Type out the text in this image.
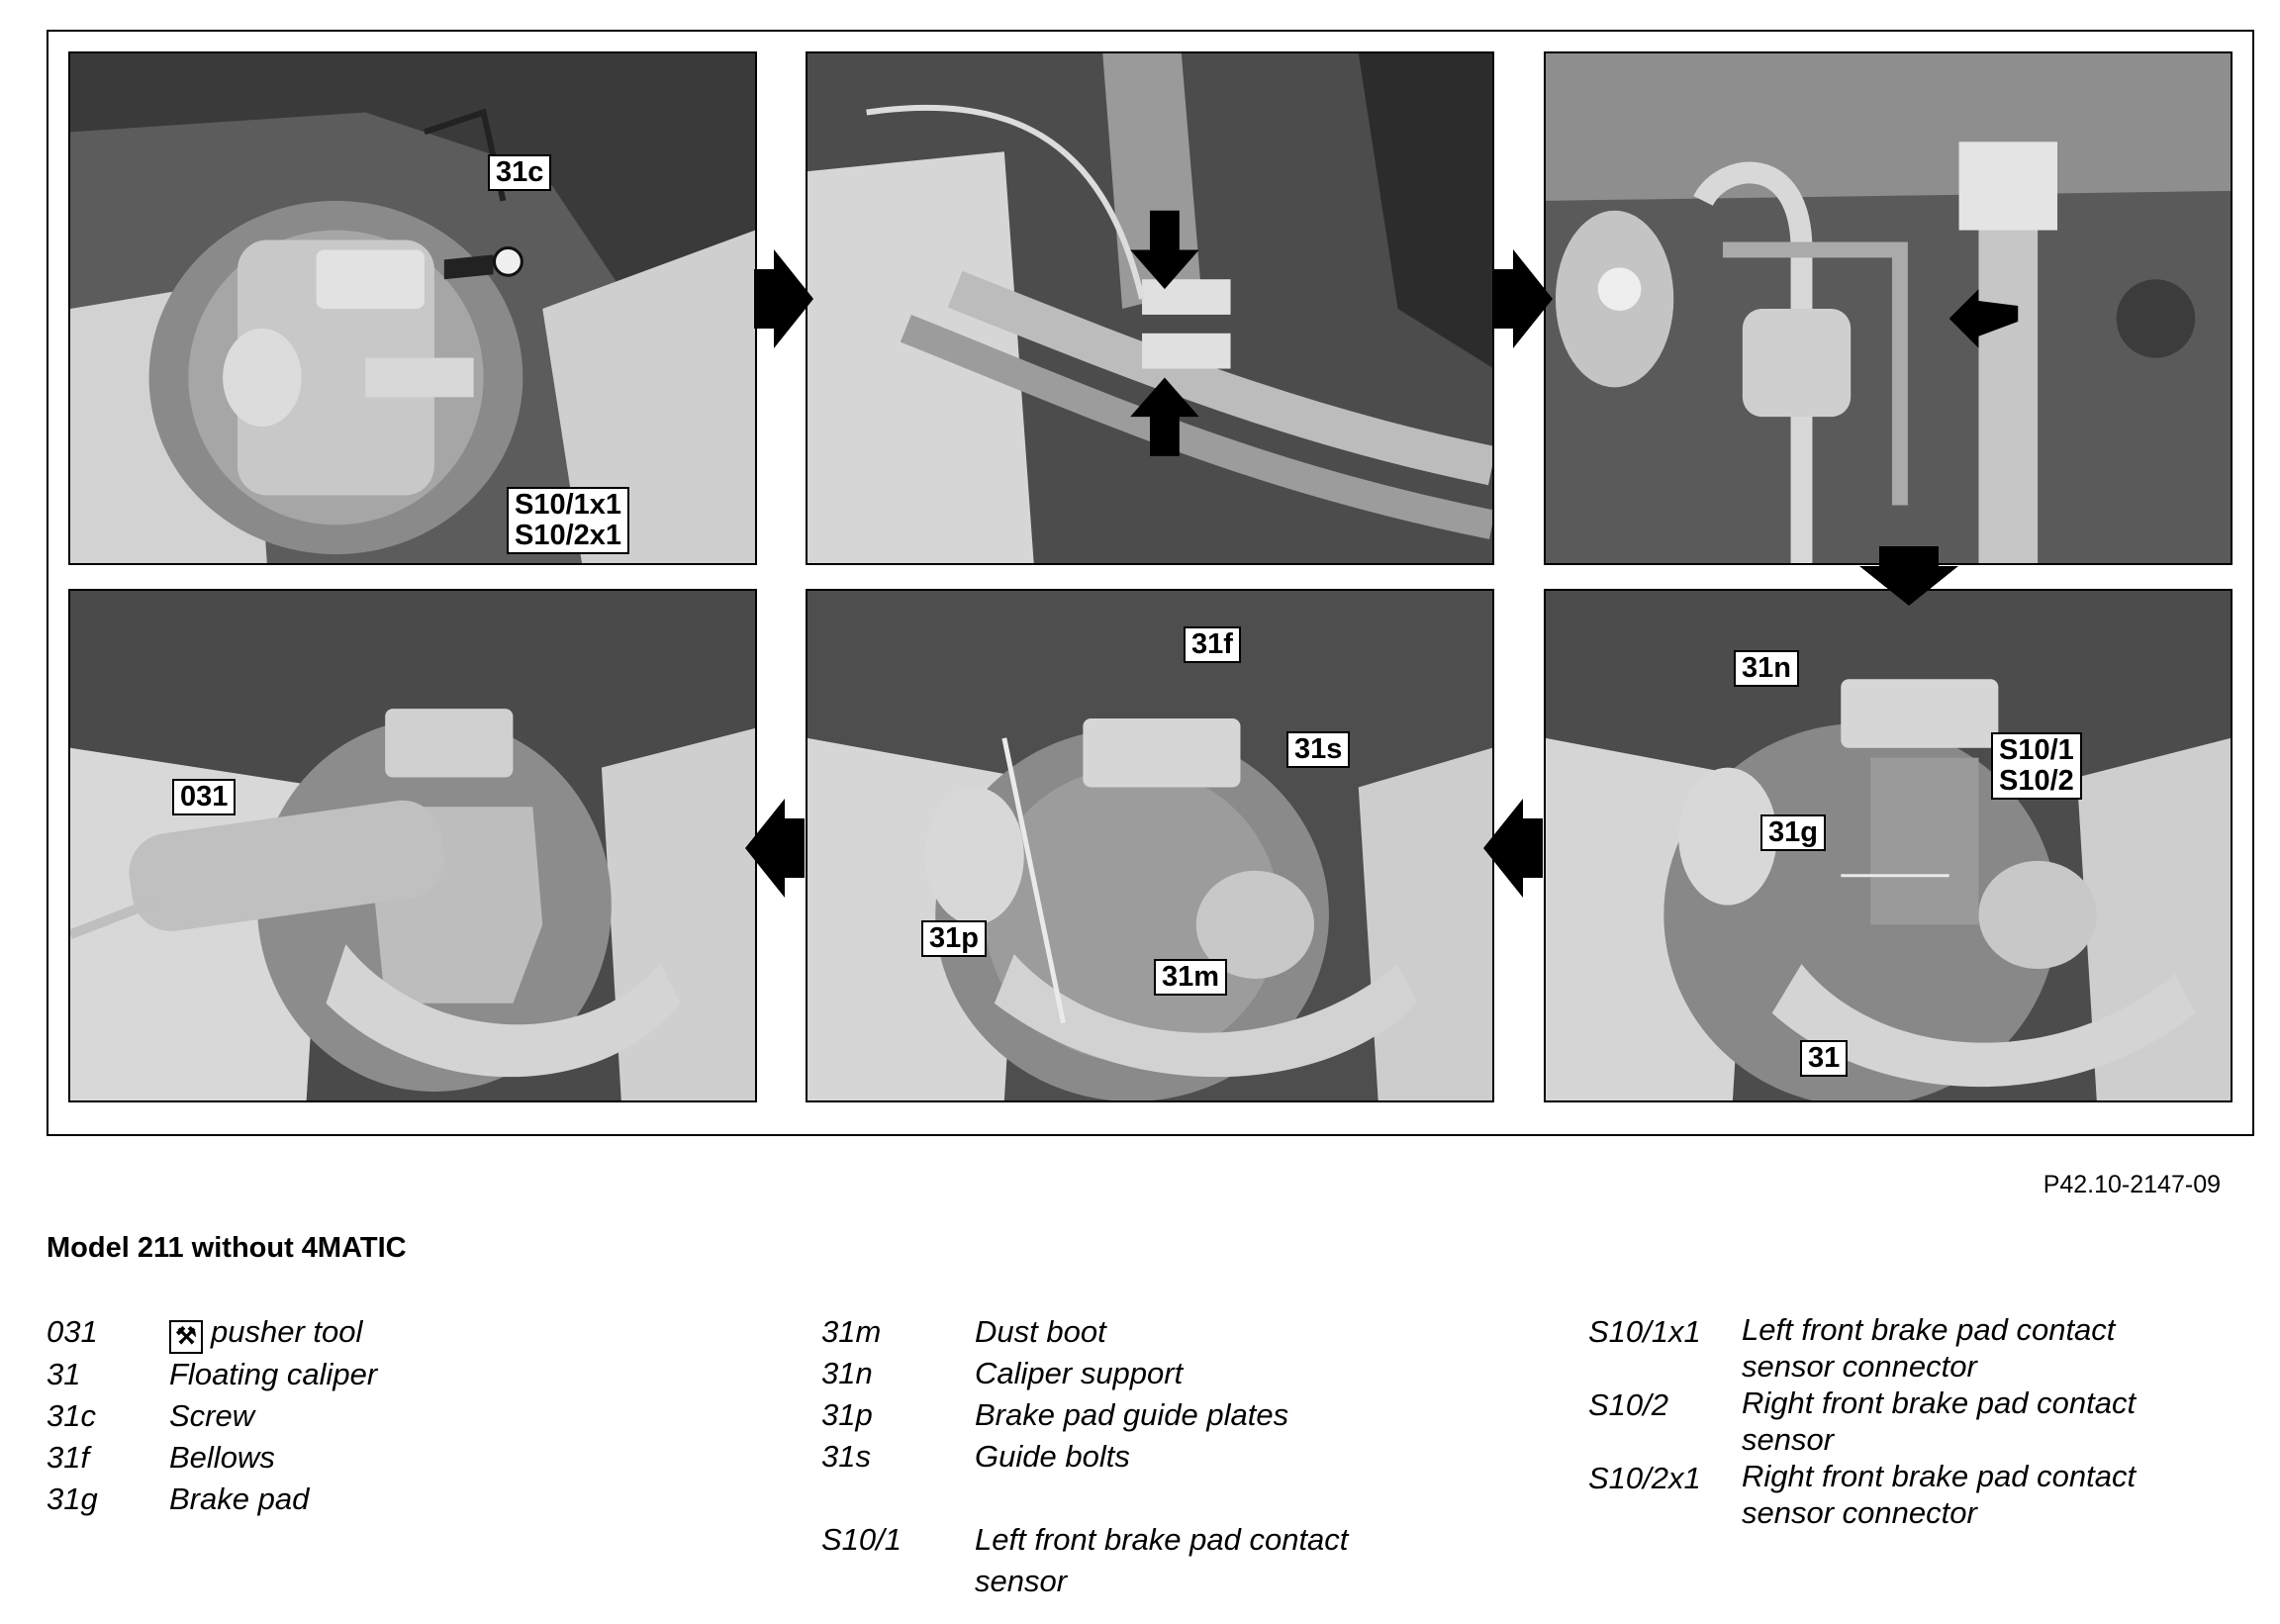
31c
S10/1x1
S10/2x1
031
31f
31s
31p
31m
31n
S10/1
S10/2
31g
31
P42.10-2147-09
Model 211 without 4MATIC
031	⚒ pusher tool
31	Floating caliper
31c Screw
31f	Bellows
31g Brake pad
31m	Dust boot
31n	Caliper support
31p	Brake pad guide plates
31s	Guide bolts
S10/1 Left front brake pad contact sensor
S10/1x1 Left front brake pad contact sensor connector
S10/2 Right front brake pad contact sensor
S10/2x1 Right front brake pad contact sensor connector
